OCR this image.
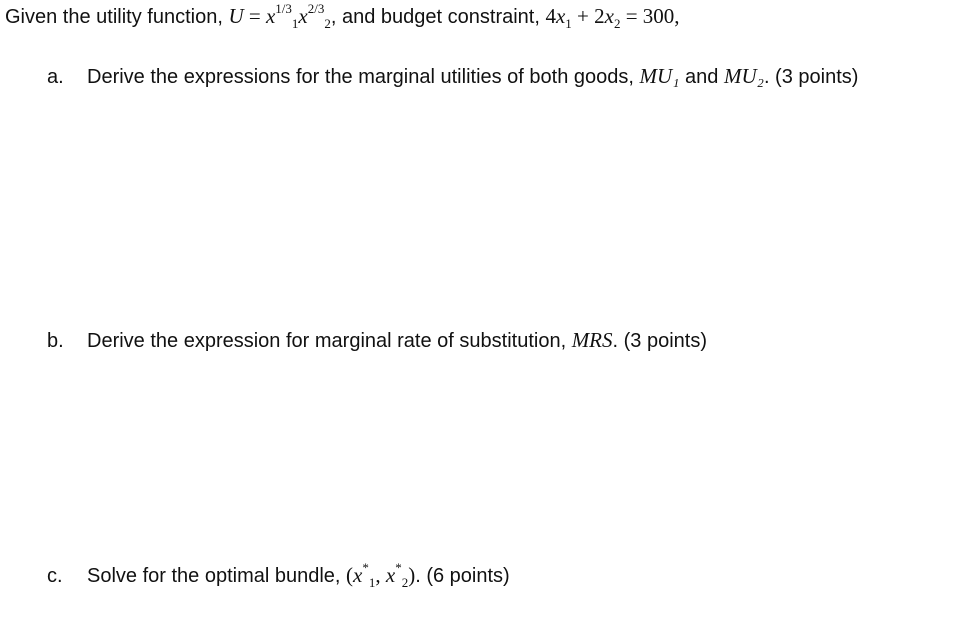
Given the utility function, $U = x^{1/3}_1x^{2/3}_2$, and budget constraint, $4x_1 + 2x_2 = 300$,
a. Derive the expressions for the marginal utilities of both goods, MU₁ and MU₂. (3 points)
b. Derive the expression for marginal rate of substitution, MRS. (3 points)
c. Solve for the optimal bundle, ($x^*_1$, $x^*_2$). (6 points)
